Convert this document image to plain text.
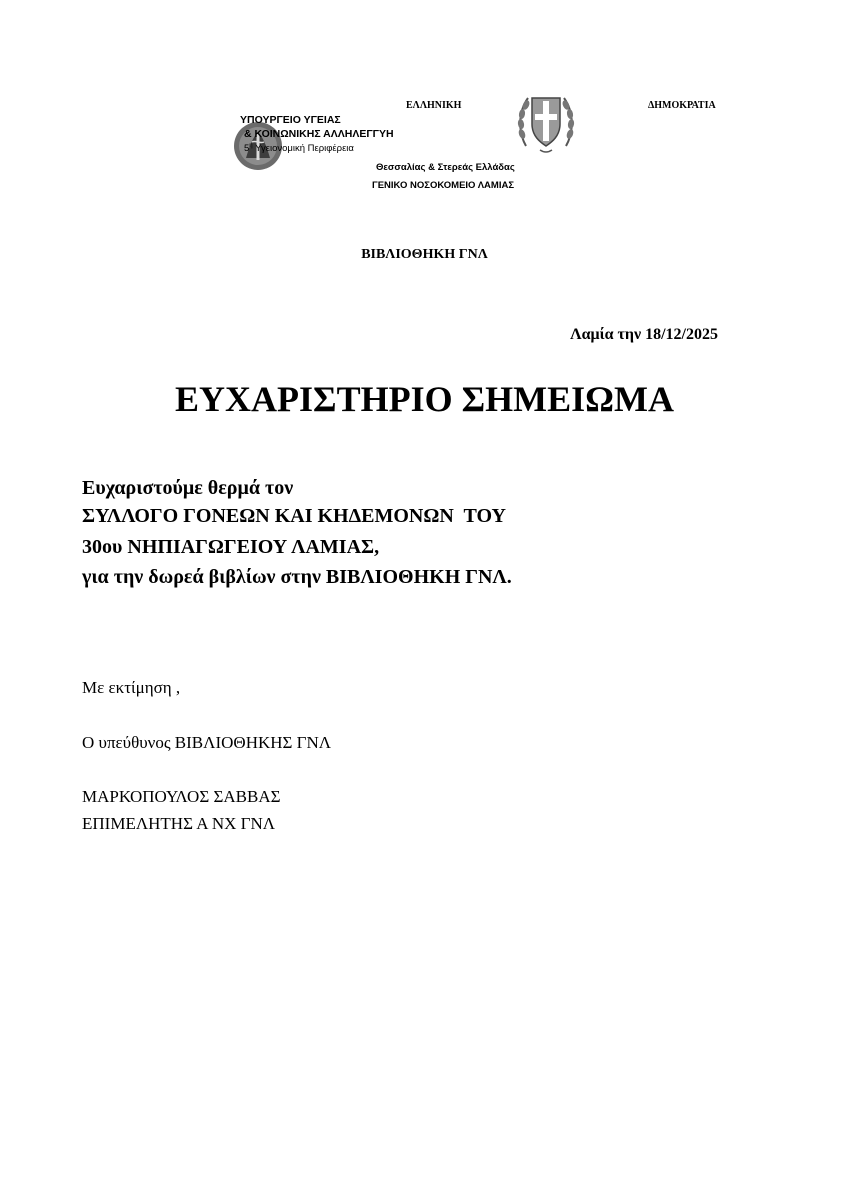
ΕΛΛΗΝΙΚΗ	ΔΗΜΟΚΡΑΤΙΑ
ΥΠΟΥΡΓΕΙΟ ΥΓΕΙΑΣ
& ΚΟΙΝΩΝΙΚΗΣ ΑΛΛΗΛΕΓΓΥΗ
$5^\eta$ Υγειονομική Περιφέρεια
Θεσσαλίας & Στερεάς Ελλάδας
ΓΕΝΙΚΟ ΝΟΣΟΚΟΜΕΙΟ ΛΑΜΙΑΣ
ΒΙΒΛΙΟΘΗΚΗ ΓΝΛ
Λαμία την 18/12/2025
ΕΥΧΑΡΙΣΤΗΡΙΟ ΣΗΜΕΙΩΜΑ
Ευχαριστούμε θερμά τον
ΣΥΛΛΟΓΟ ΓΟΝΕΩΝ ΚΑΙ ΚΗΔΕΜΟΝΩΝ  ΤΟΥ
30ου ΝΗΠΙΑΓΩΓΕΙΟΥ ΛΑΜΙΑΣ,
για την δωρεά βιβλίων στην ΒΙΒΛΙΟΘΗΚΗ ΓΝΛ.
Με εκτίμηση ,
Ο υπεύθυνος ΒΙΒΛΙΟΘΗΚΗΣ ΓΝΛ
ΜΑΡΚΟΠΟΥΛΟΣ ΣΑΒΒΑΣ
ΕΠΙΜΕΛΗΤΗΣ Α ΝΧ ΓΝΛ
